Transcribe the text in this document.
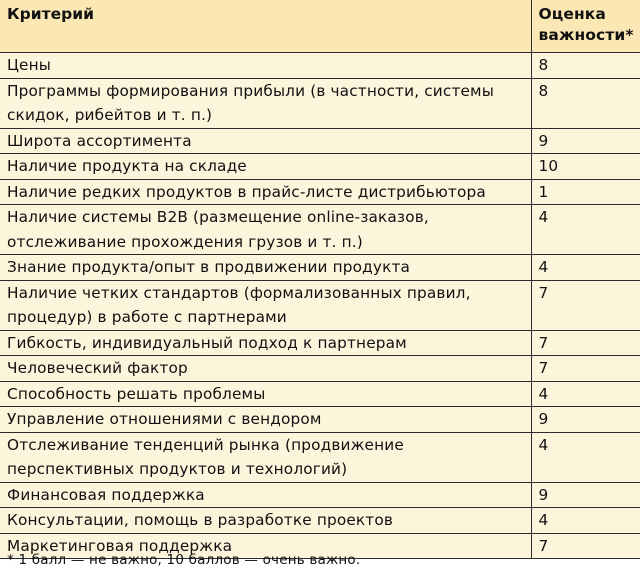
Критерий	Оценка
важности*
Цены	8
Программы формирования прибыли (в частности, системы скидок, рибейтов и т. п.)	8
Широта ассортимента	9
Наличие продукта на складе	10
Наличие редких продуктов в прайс-листе дистрибьютора	1
Наличие системы B2B (размещение online-заказов, отслеживание прохождения грузов и т. п.)	4
Знание продукта/опыт в продвижении продукта	4
Наличие четких стандартов (формализованных правил, процедур) в работе с партнерами	7
Гибкость, индивидуальный подход к партнерам	7
Человеческий фактор	7
Способность решать проблемы	4
Управление отношениями с вендором	9
Отслеживание тенденций рынка (продвижение перспективных продуктов и технологий)	4
Финансовая поддержка	9
Консультации, помощь в разработке проектов	4
Маркетинговая поддержка	7
* 1 балл — не важно, 10 баллов — очень важно.
